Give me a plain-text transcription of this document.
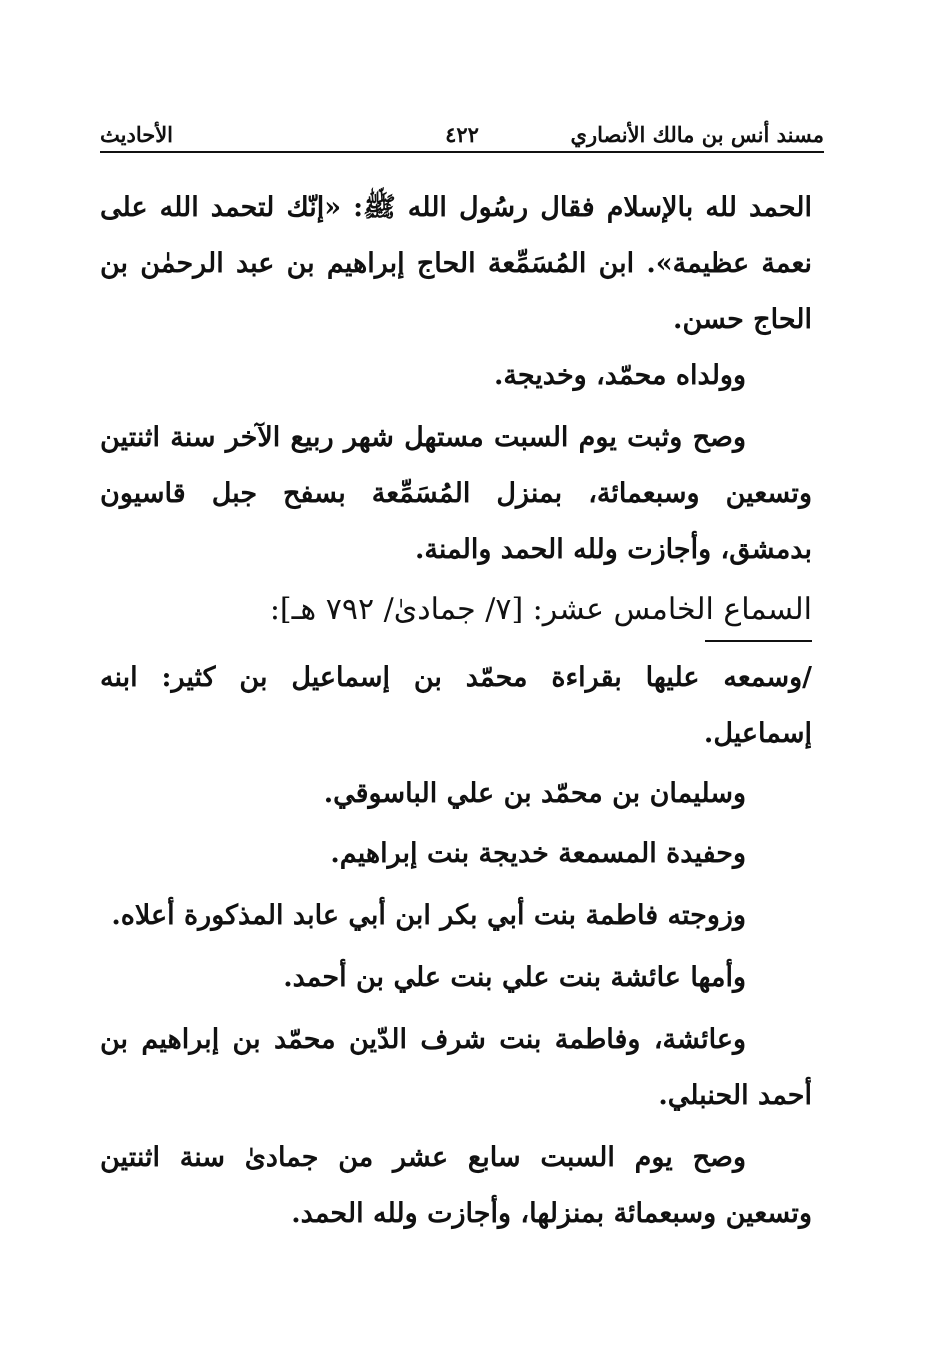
مسند أنس بن مالك الأنصاري
٤٢٢
الأحاديث

الحمد لله بالإسلام فقال رسُول الله ﷺ: «إنّك لتحمد الله على نعمة عظيمة». ابن المُسَمِّعة الحاج إبراهيم بن عبد الرحمٰن بن الحاج حسن.

وولداه محمّد، وخديجة.

وصح وثبت يوم السبت مستهل شهر ربيع الآخر سنة اثنتين وتسعين وسبعمائة، بمنزل المُسَمِّعة بسفح جبل قاسيون بدمشق، وأجازت ولله الحمد والمنة.

السماع الخامس عشر: [٧/ جمادىٰ/ ٧٩٢ هـ]:

/وسمعه عليها بقراءة محمّد بن إسماعيل بن كثير: ابنه إسماعيل.

وسليمان بن محمّد بن علي الباسوقي.

وحفيدة المسمعة خديجة بنت إبراهيم.

وزوجته فاطمة بنت أبي بكر ابن أبي عابد المذكورة أعلاه.

وأمها عائشة بنت علي بنت علي بن أحمد.

وعائشة، وفاطمة بنت شرف الدّين محمّد بن إبراهيم بن أحمد الحنبلي.

وصح يوم السبت سابع عشر من جمادىٰ سنة اثنتين وتسعين وسبعمائة بمنزلها، وأجازت ولله الحمد.
